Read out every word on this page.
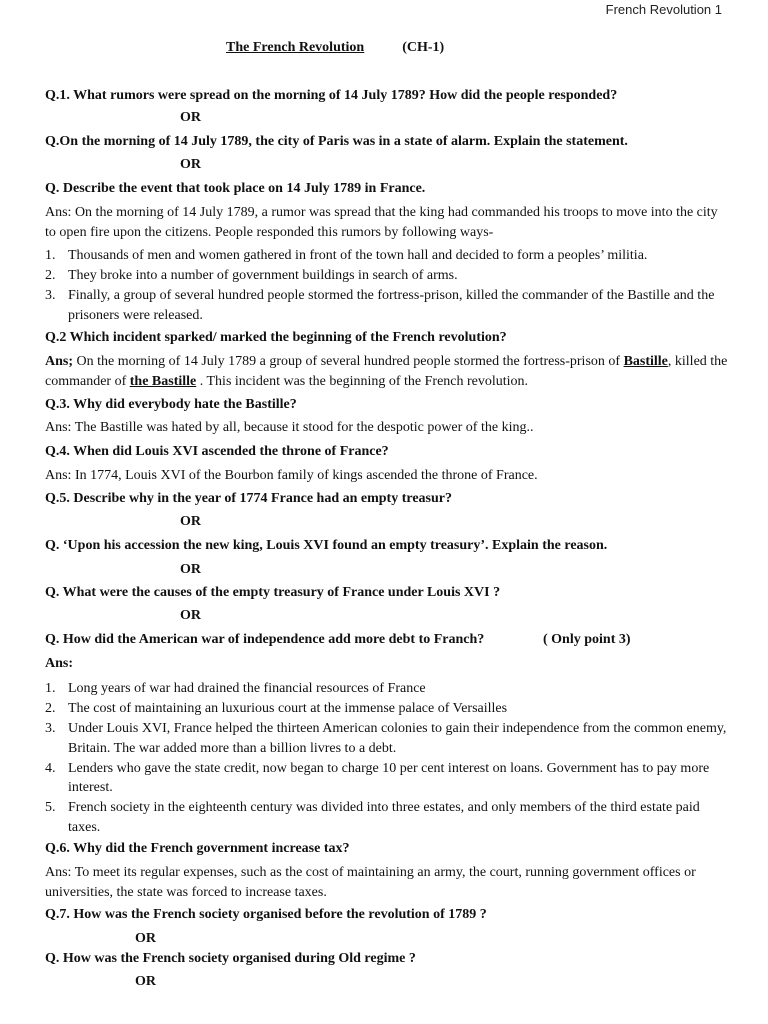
French Revolution 1
The French Revolution	(CH-1)
Q.1. What rumors were spread on the morning of 14 July 1789? How did the people responded?
OR
Q.On the morning of 14 July 1789, the city of Paris was in a state of alarm. Explain the statement.
OR
Q. Describe the event that took place on 14 July 1789 in France.
Ans: On the morning of 14 July 1789, a rumor was spread that the king had commanded his troops to move into the city to open fire upon the citizens. People responded this rumors by following ways-
1. Thousands of men and women gathered in front of the town hall and decided to form a peoples’ militia.
2. They broke into a number of government buildings in search of arms.
3. Finally, a group of several hundred people stormed the fortress-prison, killed the commander of the Bastille and the prisoners were released.
Q.2 Which incident sparked/ marked the beginning of the French revolution?
Ans; On the morning of 14 July 1789 a group of several hundred people stormed the fortress-prison of Bastille, killed the commander of the Bastille . This incident was the beginning of the French revolution.
Q.3. Why did everybody hate the Bastille?
Ans: The Bastille was hated by all, because it stood for the despotic power of the king..
Q.4. When did Louis XVI ascended the throne of France?
Ans: In 1774, Louis XVI of the Bourbon family of kings ascended the throne of France.
Q.5. Describe why in the year of 1774 France had an empty treasur?
OR
Q. ‘Upon his accession the new king, Louis XVI found an empty treasury’. Explain the reason.
OR
Q. What were the causes of the empty treasury of France under Louis XVI ?
OR
Q. How did the American war of independence add more debt to Franch?	( Only point 3)
Ans:
1. Long years of war had drained the financial resources of France
2. The cost of maintaining an luxurious court at the immense palace of Versailles
3. Under Louis XVI, France helped the thirteen American colonies to gain their independence from the common enemy, Britain. The war added more than a billion livres to a debt.
4. Lenders who gave the state credit, now began to charge 10 per cent interest on loans. Government has to pay more interest.
5. French society in the eighteenth century was divided into three estates, and only members of the third estate paid taxes.
Q.6. Why did the French government increase tax?
Ans: To meet its regular expenses, such as the cost of maintaining an army, the court, running government offices or universities, the state was forced to increase taxes.
Q.7. How was the French society organised before the revolution of 1789 ?
OR
Q. How was the French society organised during Old regime ?
OR
